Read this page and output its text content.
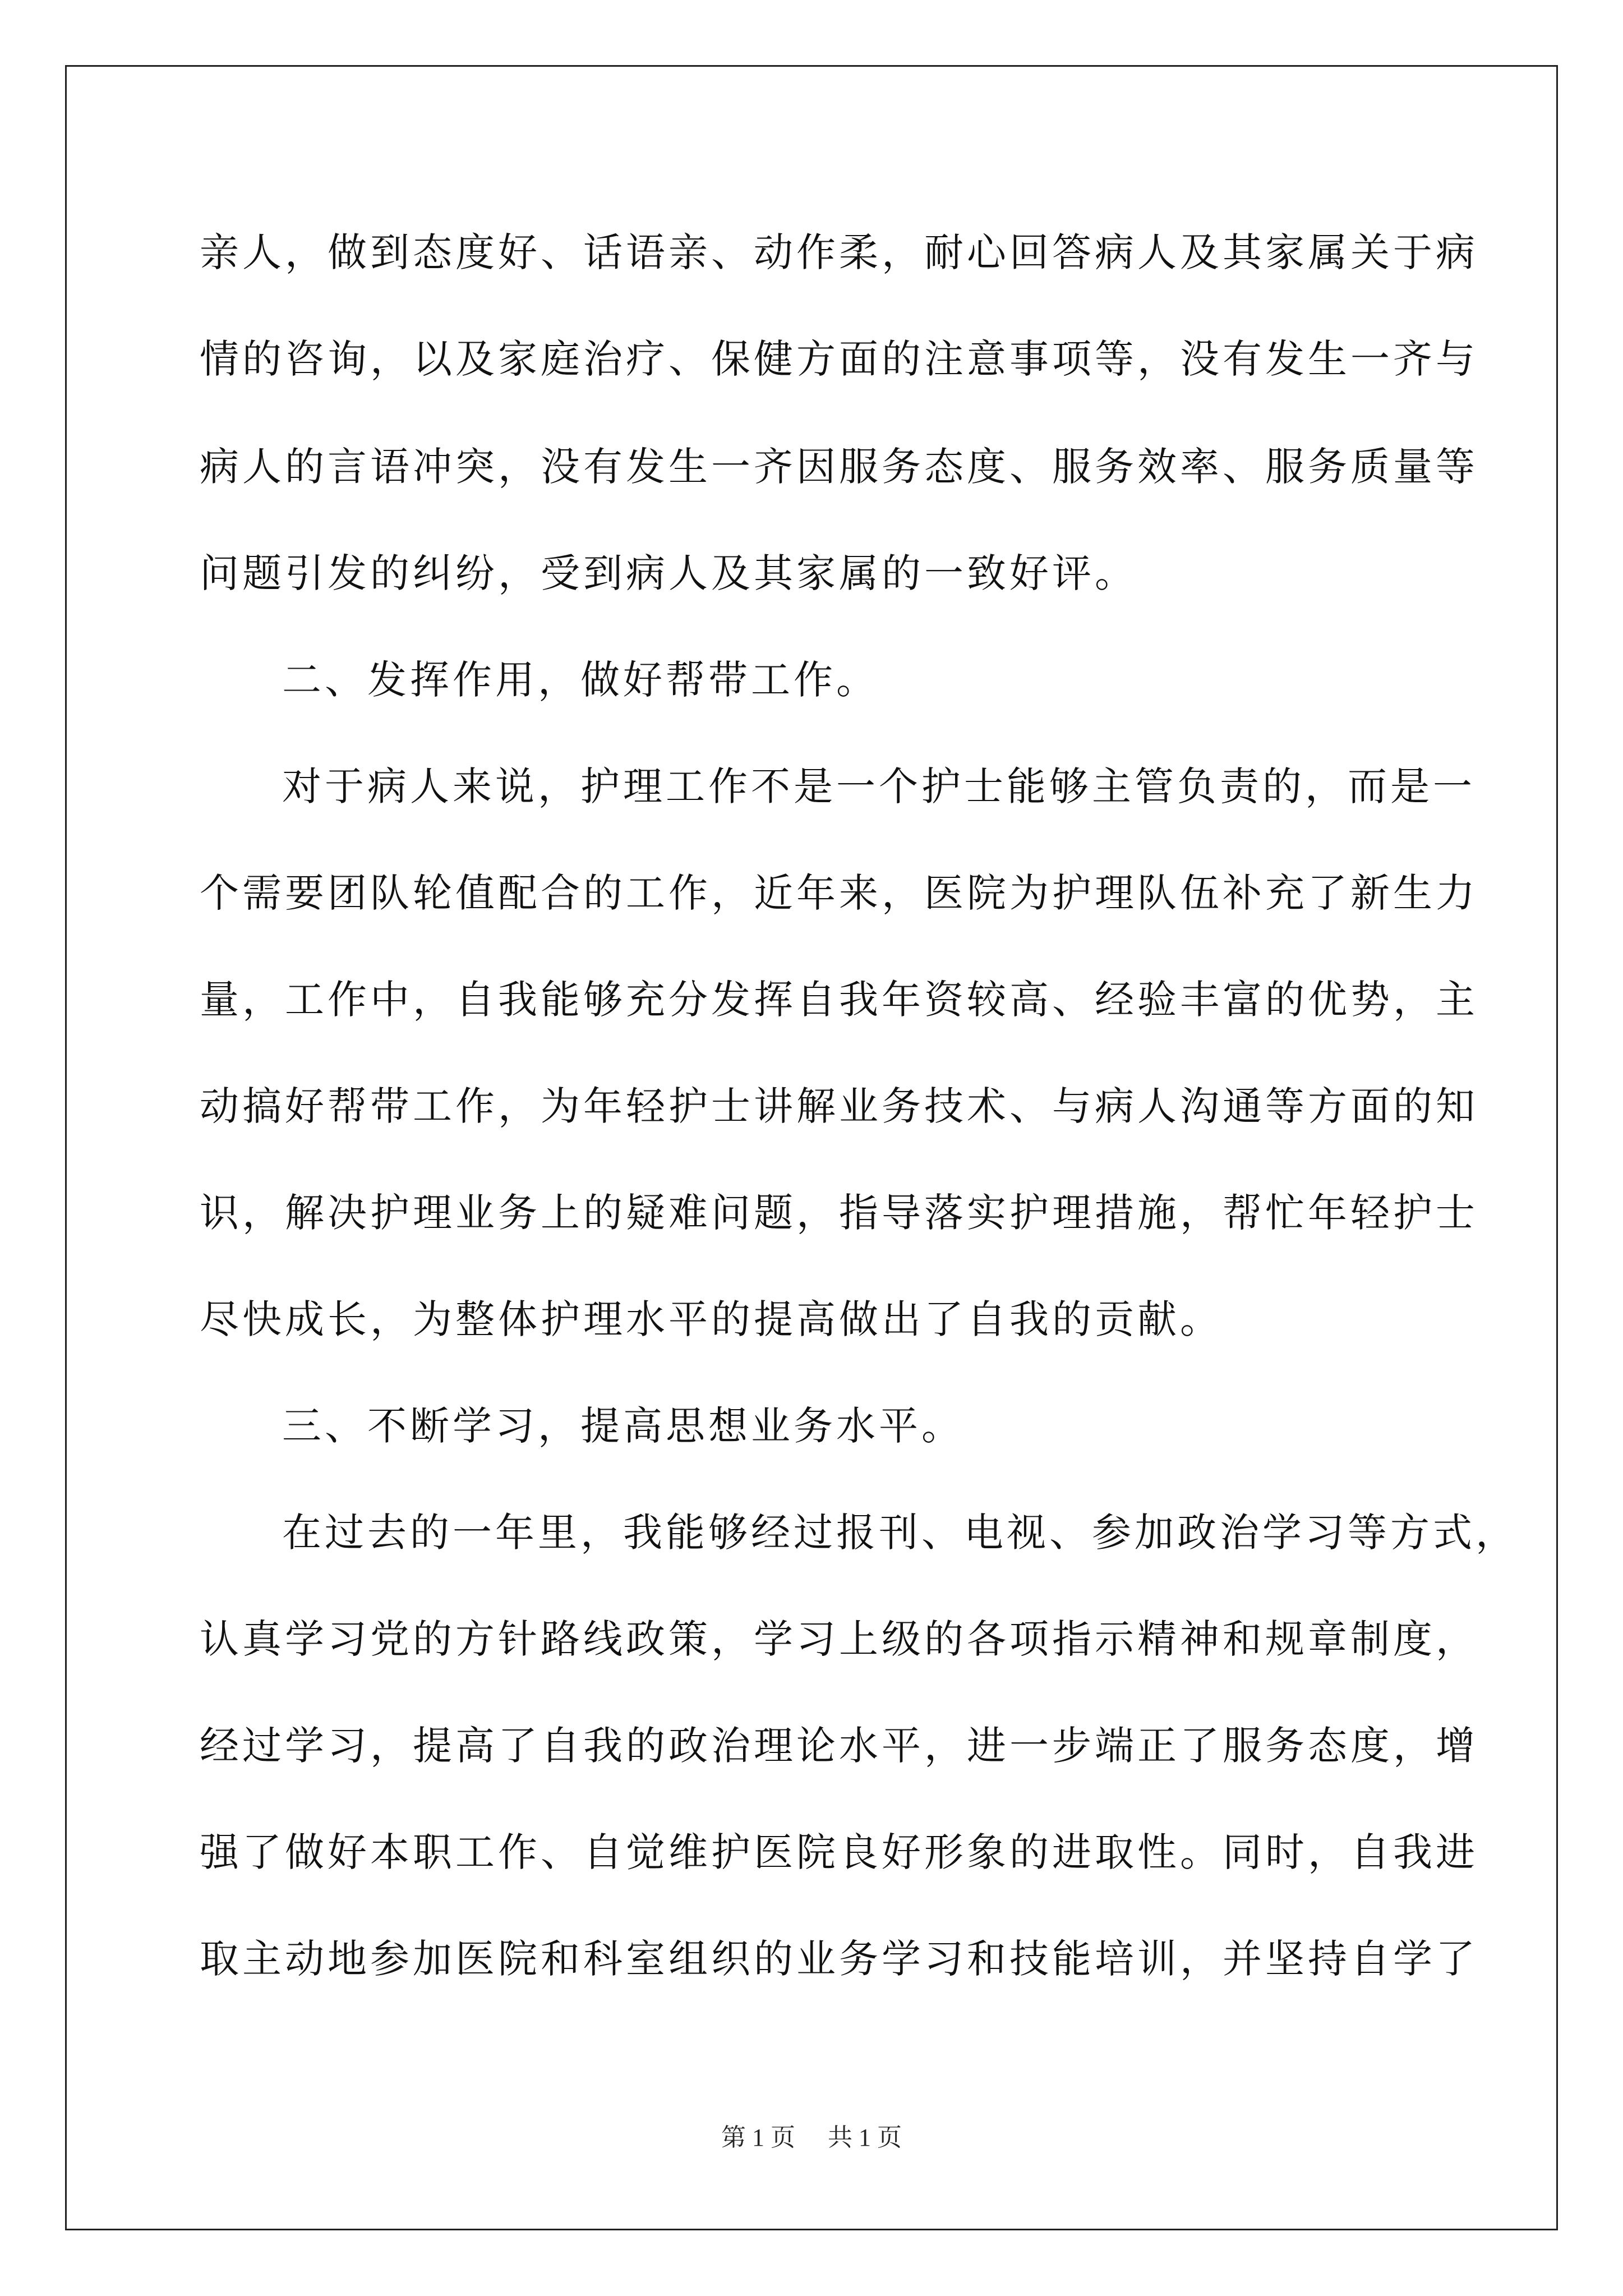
亲人，做到态度好、话语亲、动作柔，耐心回答病人及其家属关于病

情的咨询，以及家庭治疗、保健方面的注意事项等，没有发生一齐与

病人的言语冲突，没有发生一齐因服务态度、服务效率、服务质量等

问题引发的纠纷，受到病人及其家属的一致好评。

二、发挥作用，做好帮带工作。

对于病人来说，护理工作不是一个护士能够主管负责的，而是一

个需要团队轮值配合的工作，近年来，医院为护理队伍补充了新生力

量，工作中，自我能够充分发挥自我年资较高、经验丰富的优势，主

动搞好帮带工作，为年轻护士讲解业务技术、与病人沟通等方面的知

识，解决护理业务上的疑难问题，指导落实护理措施，帮忙年轻护士

尽快成长，为整体护理水平的提高做出了自我的贡献。

三、不断学习，提高思想业务水平。

在过去的一年里，我能够经过报刊、电视、参加政治学习等方式，

认真学习党的方针路线政策，学习上级的各项指示精神和规章制度，

经过学习，提高了自我的政治理论水平，进一步端正了服务态度，增

强了做好本职工作、自觉维护医院良好形象的进取性。同时，自我进

取主动地参加医院和科室组织的业务学习和技能培训，并坚持自学了

第 1 页 共 1 页
